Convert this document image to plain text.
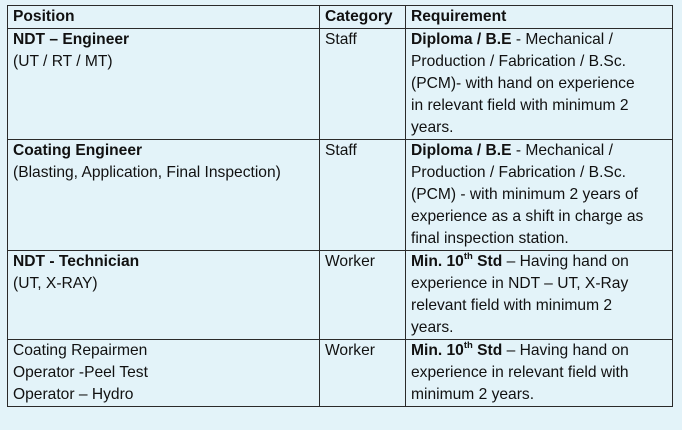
Position	Category	Requirement

NDT – Engineer
(UT / RT / MT)	Staff	Diploma / B.E - Mechanical /
Production / Fabrication / B.Sc.
(PCM)- with hand on experience
in relevant field with minimum 2
years.

Coating Engineer
(Blasting, Application, Final Inspection)	Staff	Diploma / B.E - Mechanical /
Production / Fabrication / B.Sc.
(PCM) - with minimum 2 years of
experience as a shift in charge as
final inspection station.

NDT - Technician
(UT, X-RAY)	Worker	Min. 10th Std – Having hand on
experience in NDT – UT, X-Ray
relevant field with minimum 2
years.

Coating Repairmen
Operator -Peel Test
Operator – Hydro	Worker	Min. 10th Std – Having hand on
experience in relevant field with
minimum 2 years.
